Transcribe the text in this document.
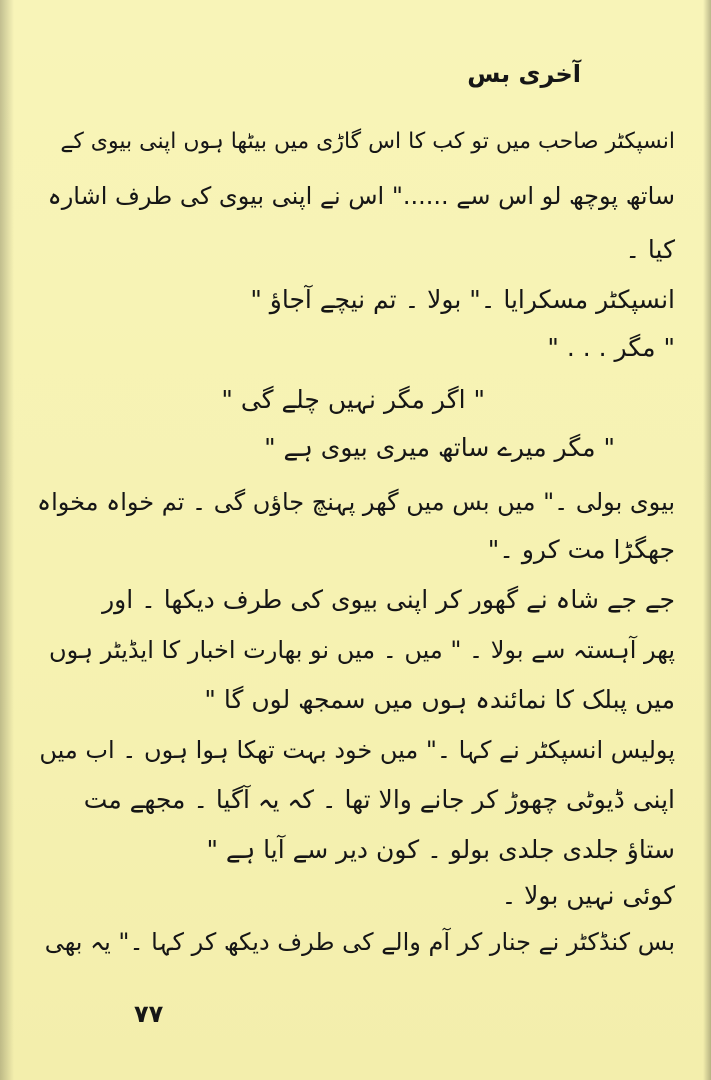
آخری بس
انسپکٹر صاحب میں تو کب کا اس گاڑی میں بیٹھا ہوں اپنی بیوی کے
ساتھ پوچھ لو اس سے ......" اس نے اپنی بیوی کی طرف اشارہ
کیا ۔
انسپکٹر مسکرایا ۔" بولا ۔ تم نیچے آجاؤ "
" مگر . . . "
" اگر مگر نہیں چلے گی "
" مگر میرے ساتھ میری بیوی ہے "
بیوی بولی ۔" میں بس میں گھر پہنچ جاؤں گی ۔ تم خواہ مخواہ
جھگڑا مت کرو ۔"
جے جے شاہ نے گھور کر اپنی بیوی کی طرف دیکھا ۔ اور
پھر آہستہ سے بولا ۔ " میں ۔ میں نو بھارت اخبار کا ایڈیٹر ہوں
میں پبلک کا نمائندہ ہوں میں سمجھ لوں گا "
پولیس انسپکٹر نے کہا ۔" میں خود بہت تھکا ہوا ہوں ۔ اب میں
اپنی ڈیوٹی چھوڑ کر جانے والا تھا ۔ کہ یہ آگیا ۔ مجھے مت
ستاؤ جلدی جلدی بولو ۔ کون دیر سے آیا ہے "
کوئی نہیں بولا ۔
بس کنڈکٹر نے جنار کر آم والے کی طرف دیکھ کر کہا ۔" یہ بھی
۷۷
